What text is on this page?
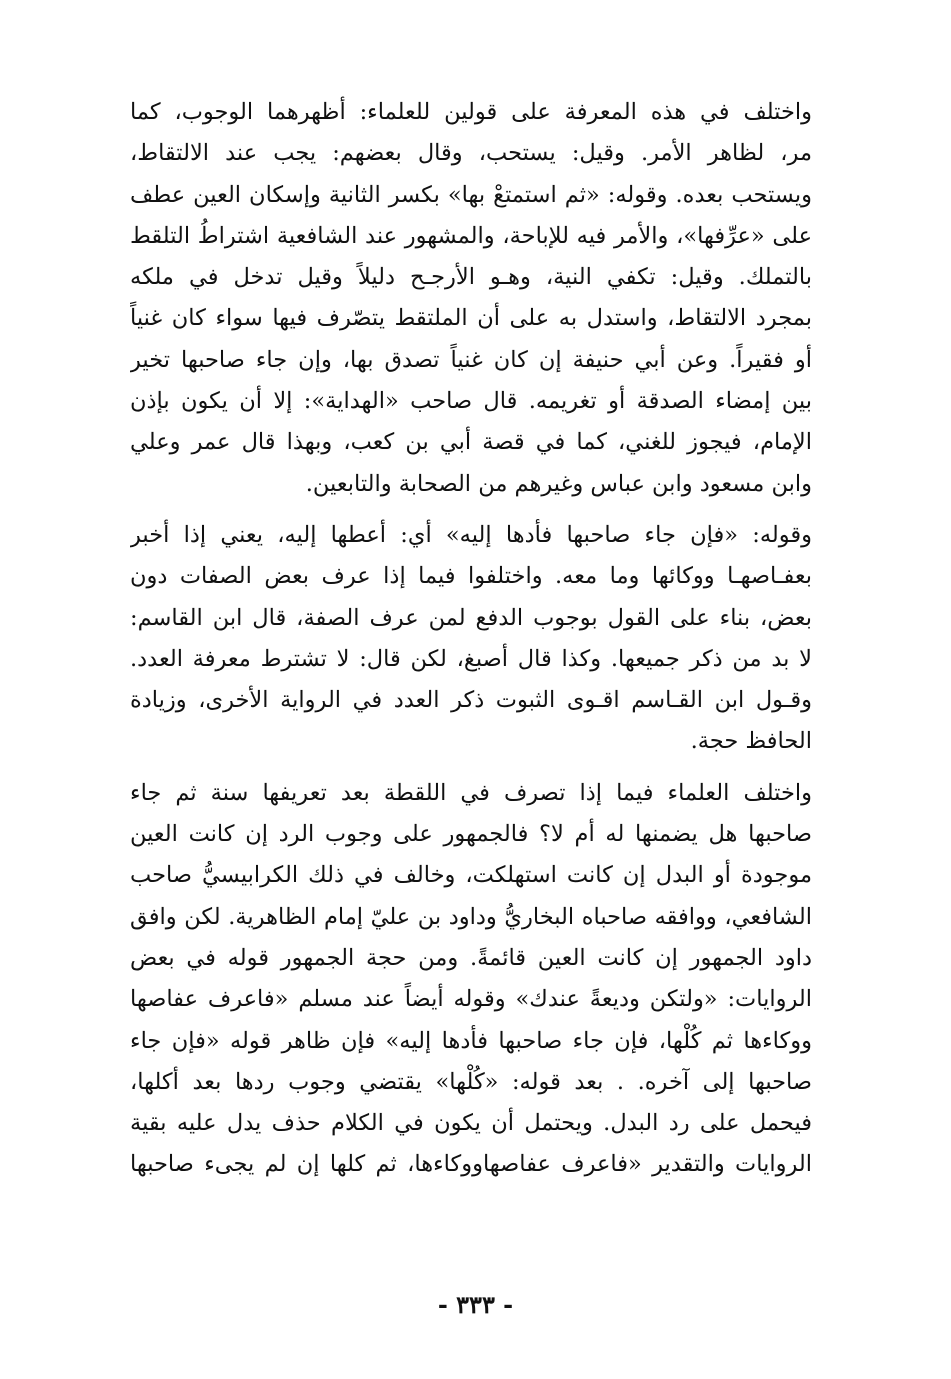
واختلف في هذه المعرفة على قولين للعلماء: أظهرهما الوجوب، كما
مر، لظاهر الأمر. وقيل: يستحب، وقال بعضهم: يجب عند الالتقاط،
ويستحب بعده. وقوله: «ثم استمتعْ بها» بكسر الثانية وإسكان العين عطف
على «عرِّفها»، والأمر فيه للإباحة، والمشهور عند الشافعية اشتراطُ التلقط
بالتملك. وقيل: تكفي النية، وهـو الأرجـح دليلاً وقيل تدخل في ملكه
بمجرد الالتقاط، واستدل به على أن الملتقط يتصّرف فيها سواء كان غنياً
أو فقيراً. وعن أبي حنيفة إن كان غنياً تصدق بها، وإن جاء صاحبها تخير
بين إمضاء الصدقة أو تغريمه. قال صاحب «الهداية»: إلا أن يكون بإذن
الإمام، فيجوز للغني، كما في قصة أبي بن كعب، وبهذا قال عمر وعلي
وابن مسعود وابن عباس وغيرهم من الصحابة والتابعين.
وقوله: «فإن جاء صاحبها فأدها إليه» أي: أعطها إليه، يعني إذا أخبر
بعفـاصهـا ووكائها وما معه. واختلفوا فيما إذا عرف بعض الصفات دون
بعض، بناء على القول بوجوب الدفع لمن عرف الصفة، قال ابن القاسم:
لا بد من ذكر جميعها. وكذا قال أصبغ، لكن قال: لا تشترط معرفة العدد.
وقـول ابن القـاسم اقـوى الثبوت ذكر العدد في الرواية الأخرى، وزيادة
الحافظ حجة.
واختلف العلماء فيما إذا تصرف في اللقطة بعد تعريفها سنة ثم جاء
صاحبها هل يضمنها له أم لا؟ فالجمهور على وجوب الرد إن كانت العين
موجودة أو البدل إن كانت استهلكت، وخالف في ذلك الكرابيسيُّ صاحب
الشافعي، ووافقه صاحباه البخاريُّ وداود بن عليّ إمام الظاهرية. لكن وافق
داود الجمهور إن كانت العين قائمةً. ومن حجة الجمهور قوله في بعض
الروايات: «ولتكن وديعةً عندك» وقوله أيضاً عند مسلم «فاعرف عفاصها
ووكاءها ثم كُلْها، فإن جاء صاحبها فأدها إليه» فإن ظاهر قوله «فإن جاء
صاحبها إلى آخره. . بعد قوله: «كُلْها» يقتضي وجوب ردها بعد أكلها،
فيحمل على رد البدل. ويحتمل أن يكون في الكلام حذف يدل عليه بقية
الروايات والتقدير «فاعرف عفاصهاووكاءها، ثم كلها إن لم يجىء صاحبها
- ٣٣٣ -
